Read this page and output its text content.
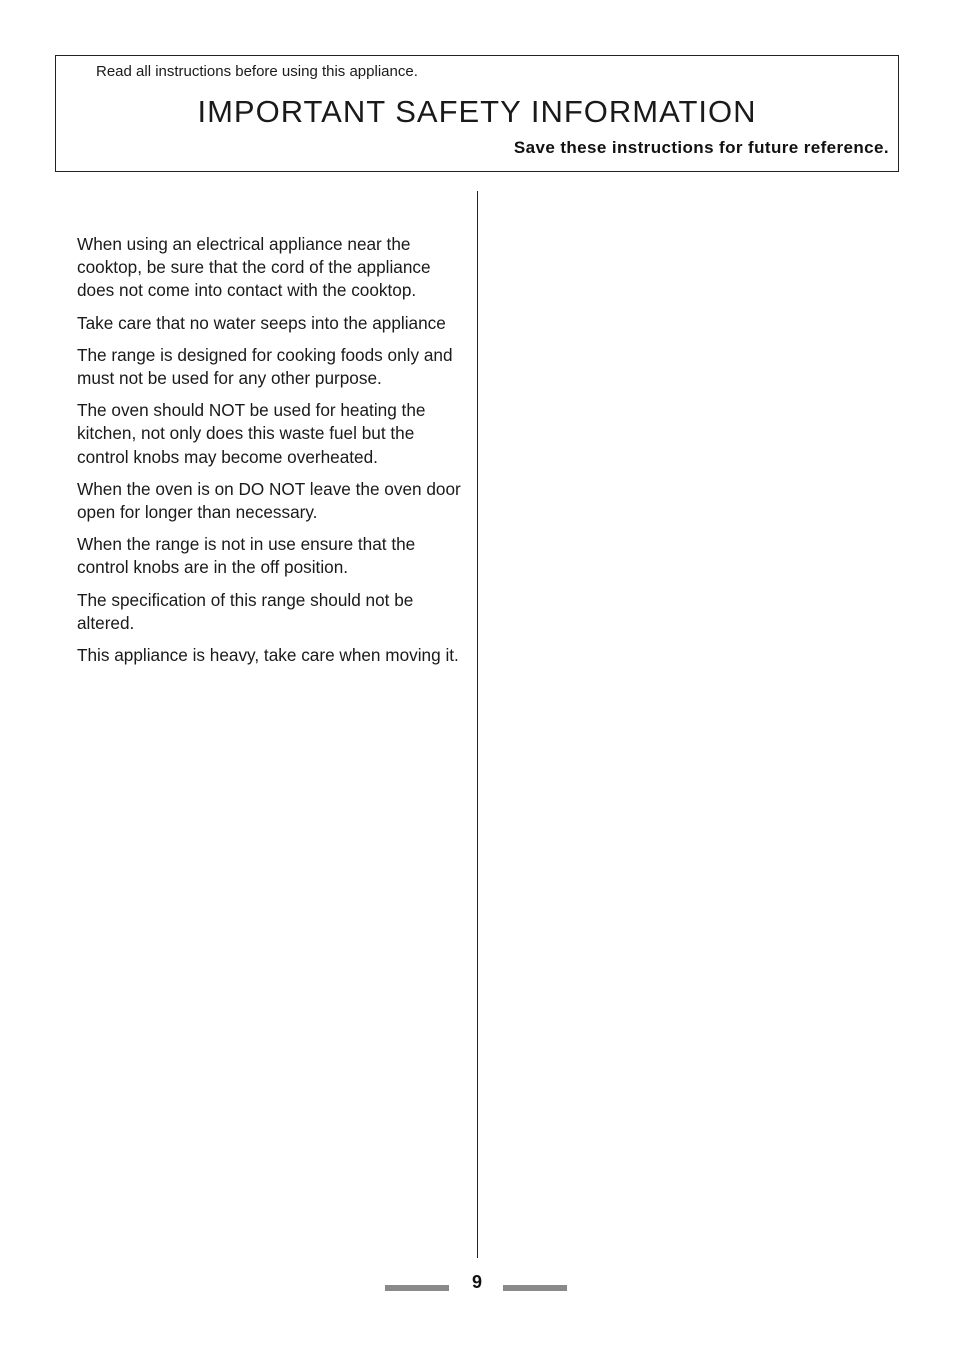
Read all instructions before using this appliance.
IMPORTANT SAFETY INFORMATION
Save these instructions for future reference.

When using an electrical appliance near the cooktop, be sure that the cord of the appliance does not come into contact with the cooktop.

Take care that no water seeps into the appliance

The range is designed for cooking foods only and must not be used for any other purpose.

The oven should NOT be used for heating the kitchen, not only does this waste fuel but the control knobs may become overheated.

When the oven is on DO NOT leave the oven door open for longer than necessary.

When the range is not in use ensure that the control knobs are in the off position.

The specification of this range should not be altered.

This appliance is heavy, take care when moving it.

9
